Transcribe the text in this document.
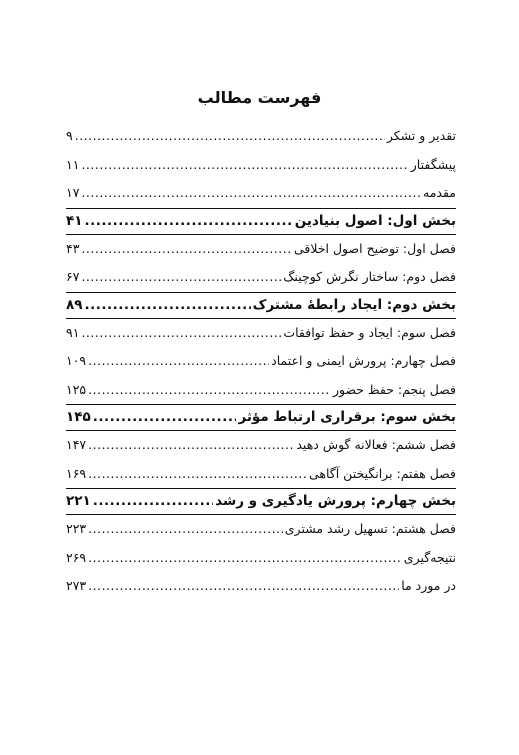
فهرست مطالب
تقدیر و تشکر
.....
۹
پیشگفتار
.....
۱۱
مقدمه
.....
۱۷
بخش اول: اصول بنیادین
.....
۴۱
فصل اول: توضیح اصول اخلاقی
.....
۴۳
فصل دوم: ساختار نگرش کوچینگ
.....
۶۷
بخش دوم: ایجاد رابطهٔ مشترک
.....
۸۹
فصل سوم: ایجاد و حفظ توافقات
.....
۹۱
فصل چهارم: پرورش ایمنی و اعتماد
.....
۱۰۹
فصل پنجم: حفظ حضور
.....
۱۲۵
بخش سوم: برقراری ارتباط مؤثر
.....
۱۴۵
فصل ششم: فعالانه گوش دهید
.....
۱۴۷
فصل هفتم: برانگیختن آگاهی
.....
۱۶۹
بخش چهارم: پرورش یادگیری و رشد
.....
۲۲۱
فصل هشتم: تسهیل رشد مشتری
.....
۲۲۳
نتیجه‌گیری
.....
۲۶۹
در مورد ما
.....
۲۷۳
